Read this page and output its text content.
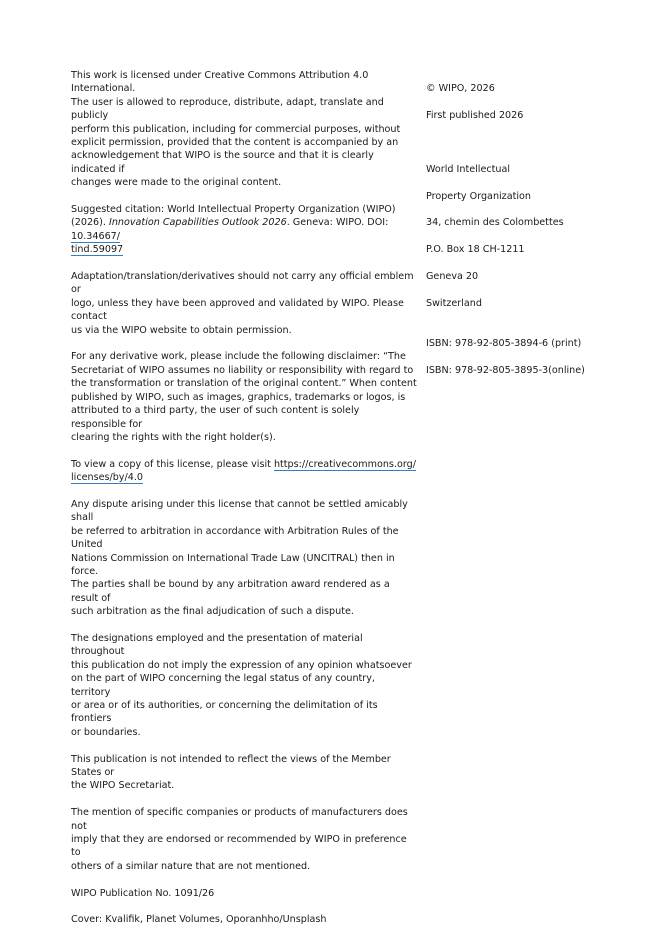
This work is licensed under Creative Commons Attribution 4.0 International.
The user is allowed to reproduce, distribute, adapt, translate and publicly
perform this publication, including for commercial purposes, without
explicit permission, provided that the content is accompanied by an
acknowledgement that WIPO is the source and that it is clearly indicated if
changes were made to the original content.

Suggested citation: World Intellectual Property Organization (WIPO)
(2026). Innovation Capabilities Outlook 2026. Geneva: WIPO. DOI: 10.34667/
tind.59097

Adaptation/translation/derivatives should not carry any official emblem or
logo, unless they have been approved and validated by WIPO. Please contact
us via the WIPO website to obtain permission.

For any derivative work, please include the following disclaimer: “The
Secretariat of WIPO assumes no liability or responsibility with regard to
the transformation or translation of the original content.” When content
published by WIPO, such as images, graphics, trademarks or logos, is
attributed to a third party, the user of such content is solely responsible for
clearing the rights with the right holder(s).

To view a copy of this license, please visit https://creativecommons.org/
licenses/by/4.0

Any dispute arising under this license that cannot be settled amicably shall
be referred to arbitration in accordance with Arbitration Rules of the United
Nations Commission on International Trade Law (UNCITRAL) then in force.
The parties shall be bound by any arbitration award rendered as a result of
such arbitration as the final adjudication of such a dispute.

The designations employed and the presentation of material throughout
this publication do not imply the expression of any opinion whatsoever
on the part of WIPO concerning the legal status of any country, territory
or area or of its authorities, or concerning the delimitation of its frontiers
or boundaries.

This publication is not intended to reflect the views of the Member States or
the WIPO Secretariat.

The mention of specific companies or products of manufacturers does not
imply that they are endorsed or recommended by WIPO in preference to
others of a similar nature that are not mentioned.

WIPO Publication No. 1091/26

Cover: Kvalifik, Planet Volumes, Oporanhho/Unsplash

© WIPO, 2026

First published 2026

World Intellectual

Property Organization

34, chemin des Colombettes

P.O. Box 18 CH-1211

Geneva 20

Switzerland

ISBN: 978-92-805-3894-6 (print)

ISBN: 978-92-805-3895-3(online)
